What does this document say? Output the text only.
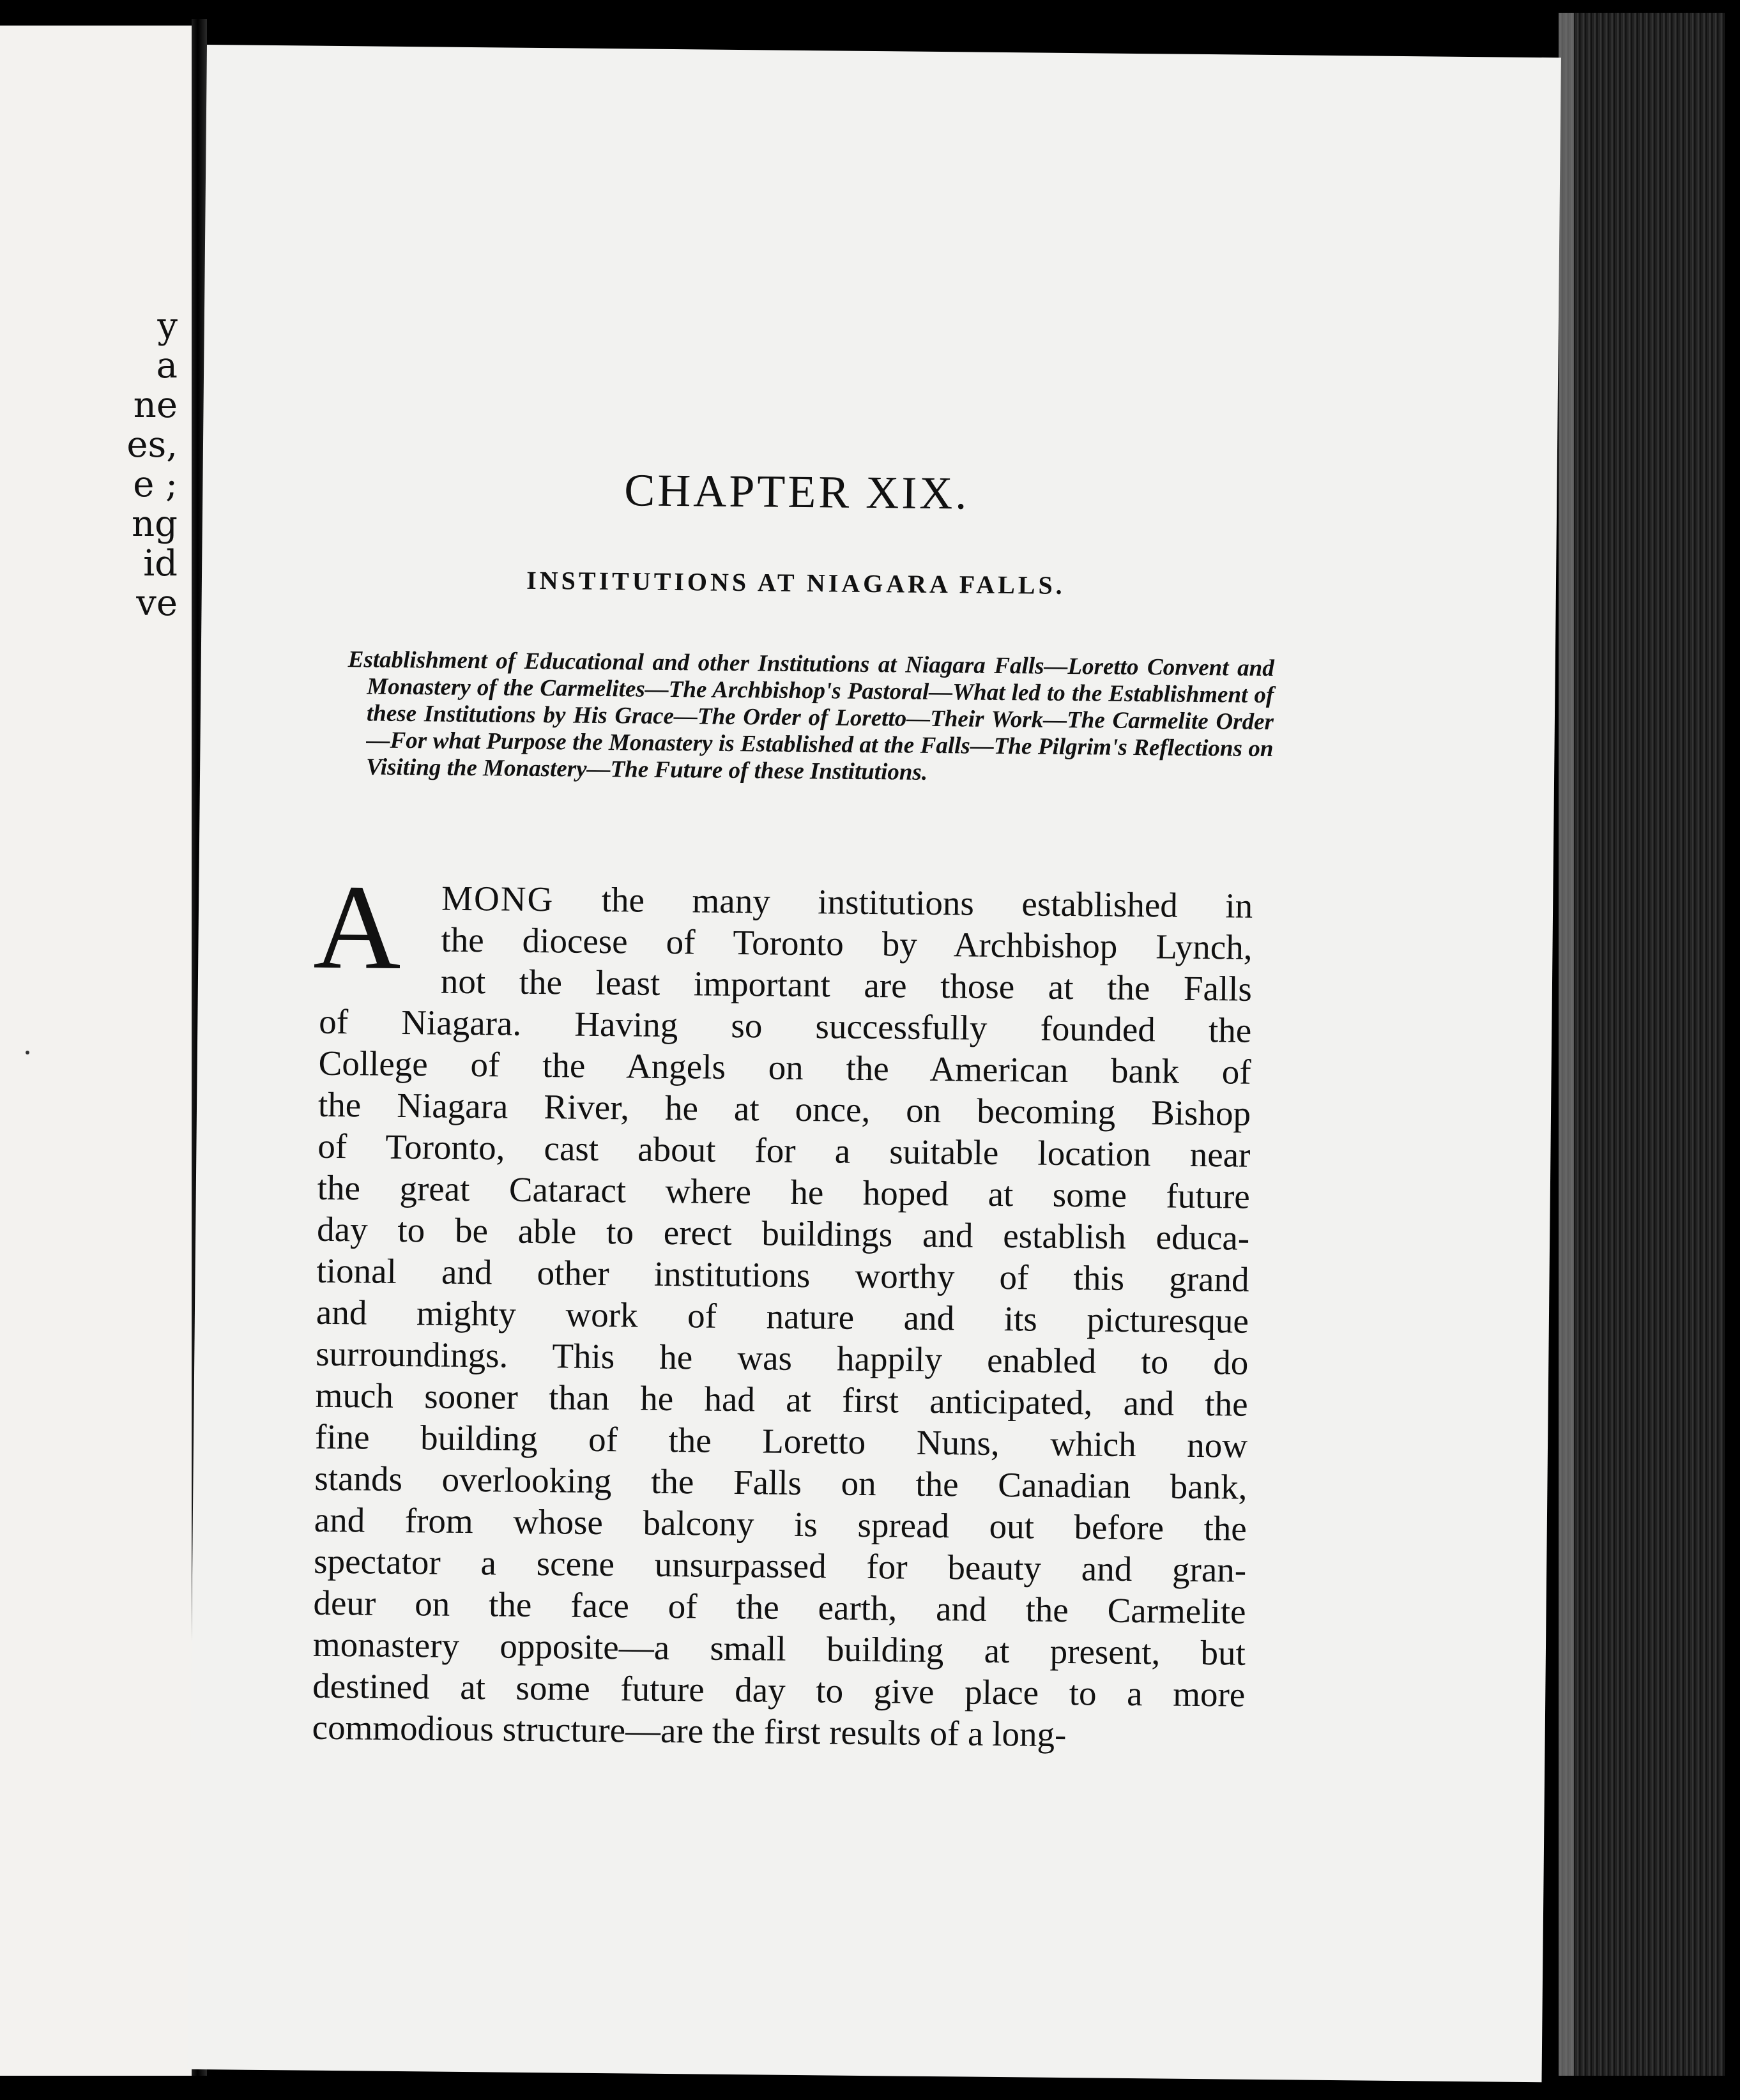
y
a
ne
es,
e ;
ng
id
ve
CHAPTER XIX.
INSTITUTIONS AT NIAGARA FALLS.

Establishment of Educational and other Institutions at Niagara Falls—Loretto Convent and Monastery of the Carmelites—The Archbishop's Pastoral—What led to the Establishment of these Institutions by His Grace—The Order of Loretto—Their Work—The Carmelite Order—For what Purpose the Monastery is Established at the Falls—The Pilgrim's Reflections on Visiting the Monastery—The Future of these Institutions.

A	MONG the many institutions established in
the diocese of Toronto by Archbishop Lynch,
not the least important are those at the Falls
of Niagara. Having so successfully founded the
College of the Angels on the American bank of
the Niagara River, he at once, on becoming Bishop
of Toronto, cast about for a suitable location near
the great Cataract where he hoped at some future
day to be able to erect buildings and establish educa-
tional and other institutions worthy of this grand
and mighty work of nature and its picturesque
surroundings. This he was happily enabled to do
much sooner than he had at first anticipated, and the
fine building of the Loretto Nuns, which now
stands overlooking the Falls on the Canadian bank,
and from whose balcony is spread out before the
spectator a scene unsurpassed for beauty and gran-
deur on the face of the earth, and the Carmelite
monastery opposite—a small building at present, but
destined at some future day to give place to a more
commodious structure—are the first results of a long-
